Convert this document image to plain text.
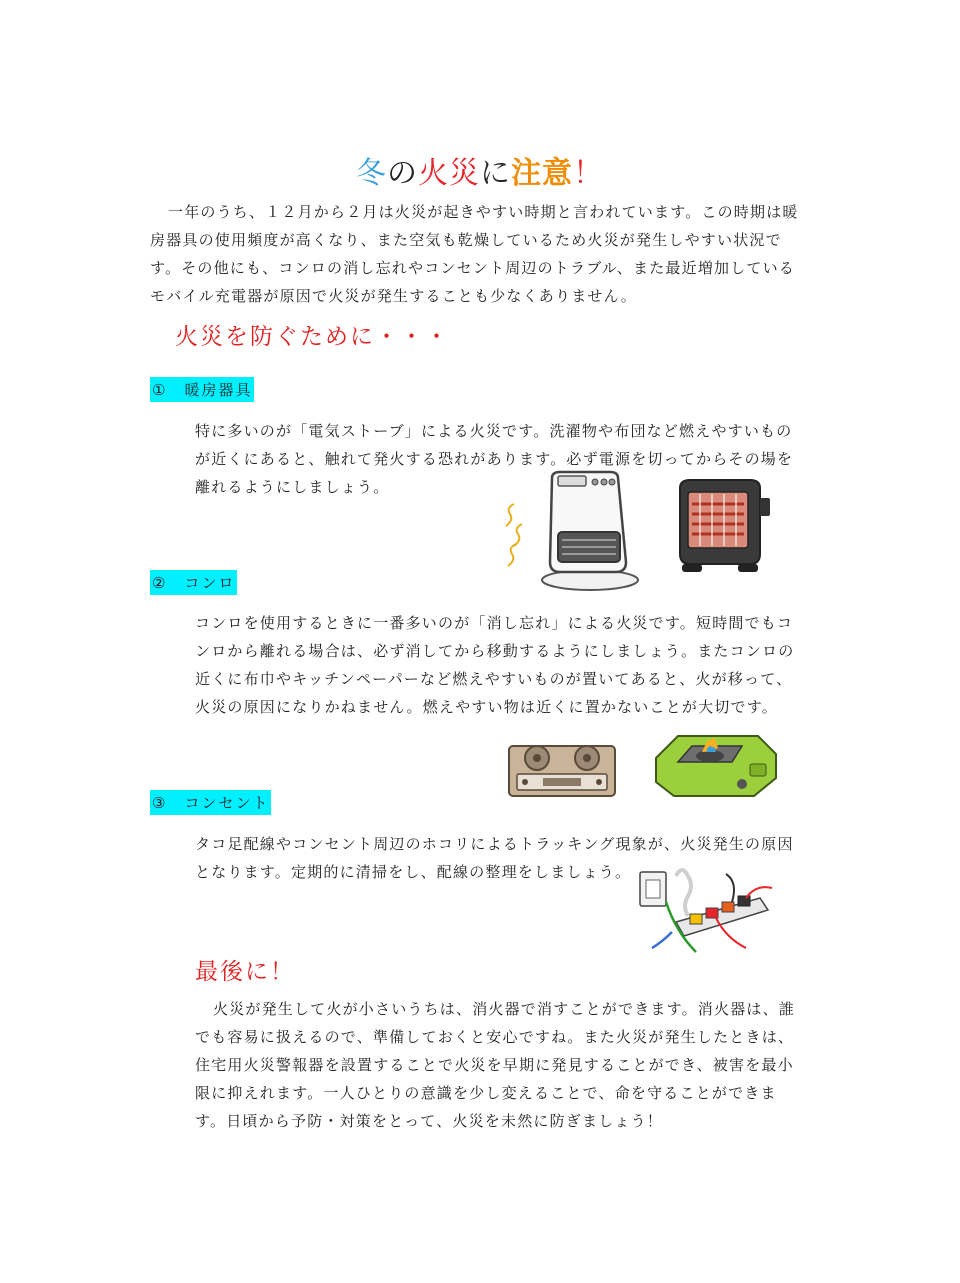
冬の火災に注意！

一年のうち、１２月から２月は火災が起きやすい時期と言われています。この時期は暖房器具の使用頻度が高くなり、また空気も乾燥しているため火災が発生しやすい状況です。その他にも、コンロの消し忘れやコンセント周辺のトラブル、また最近増加しているモバイル充電器が原因で火災が発生することも少なくありません。

火災を防ぐために・・・
①　暖房器具

特に多いのが「電気ストーブ」による火災です。洗濯物や布団など燃えやすいものが近くにあると、触れて発火する恐れがあります。必ず電源を切ってからその場を離れるようにしましょう。

②　コンロ

コンロを使用するときに一番多いのが「消し忘れ」による火災です。短時間でもコンロから離れる場合は、必ず消してから移動するようにしましょう。またコンロの近くに布巾やキッチンペーパーなど燃えやすいものが置いてあると、火が移って、火災の原因になりかねません。燃えやすい物は近くに置かないことが大切です。

③　コンセント

タコ足配線やコンセント周辺のホコリによるトラッキング現象が、火災発生の原因となります。定期的に清掃をし、配線の整理をしましょう。

最後に！

火災が発生して火が小さいうちは、消火器で消すことができます。消火器は、誰でも容易に扱えるので、準備しておくと安心ですね。また火災が発生したときは、住宅用火災警報器を設置することで火災を早期に発見することができ、被害を最小限に抑えれます。一人ひとりの意識を少し変えることで、命を守ることができます。日頃から予防・対策をとって、火災を未然に防ぎましょう！
